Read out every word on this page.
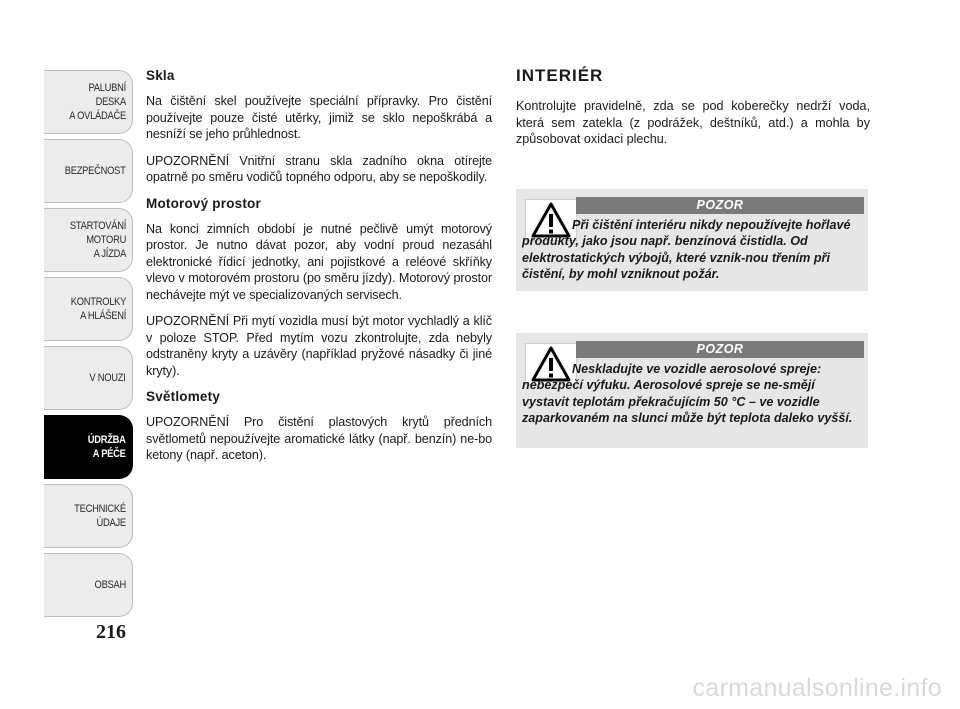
PALUBNÍ DESKA
A OVLÁDAČE
BEZPEČNOST
STARTOVÁNÍ
MOTORU
A JÍZDA
KONTROLKY
A HLÁŠENÍ
V NOUZI
ÚDRŽBA
A PÉČE
TECHNICKÉ
ÚDAJE
OBSAH
216
Skla

Na čištění skel používejte speciální přípravky. Pro čistění používejte pouze čisté utěrky, jimiž se sklo nepoškrábá a nesníží se jeho průhlednost.

UPOZORNĚNÍ Vnitřní stranu skla zadního okna otírejte opatrně po směru vodičů topného odporu, aby se nepoškodily.

Motorový prostor

Na konci zimních období je nutné pečlivě umýt motorový prostor. Je nutno dávat pozor, aby vodní proud nezasáhl elektronické řídicí jednotky, ani pojistkové a reléové skříňky vlevo v motorovém prostoru (po směru jízdy). Motorový prostor nechávejte mýt ve specializovaných servisech.

UPOZORNĚNÍ Při mytí vozidla musí být motor vychladlý a klíč v poloze STOP. Před mytím vozu zkontrolujte, zda nebyly odstraněny kryty a uzávěry (například pryžové násadky či jiné kryty).

Světlomety

UPOZORNĚNÍ Pro čistění plastových krytů předních světlometů nepoužívejte aromatické látky (např. benzín) ne-bo ketony (např. aceton).

INTERIÉR

Kontrolujte pravidelně, zda se pod koberečky nedrží voda, která sem zatekla (z podrážek, deštníků, atd.) a mohla by způsobovat oxidaci plechu.

POZOR
Při čištění interiéru nikdy nepoužívejte hořlavé produkty, jako jsou např. benzínová čistidla. Od elektrostatických výbojů, které vznik-nou třením při čistění, by mohl vzniknout požár.
POZOR
Neskladujte ve vozidle aerosolové spreje: nebezpečí výfuku. Aerosolové spreje se ne-smějí vystavit teplotám překračujícím 50 °C – ve vozidle zaparkovaném na slunci může být teplota daleko vyšší.
carmanualsonline.info
